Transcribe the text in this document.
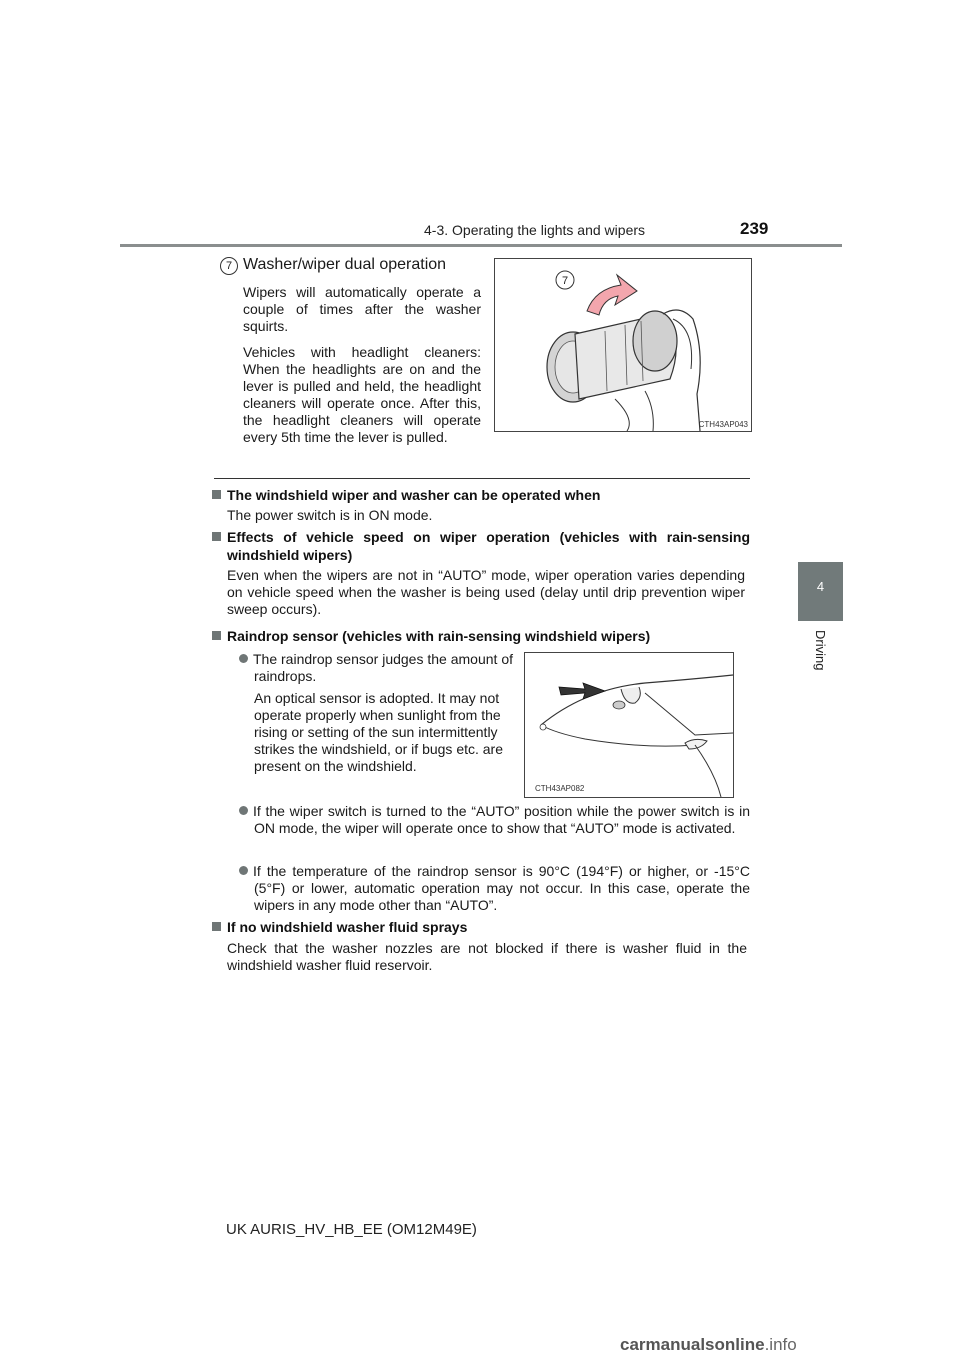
4-3. Operating the lights and wipers	239
4
Driving
7 Washer/wiper dual operation
Wipers will automatically operate a couple of times after the washer squirts.
Vehicles with headlight cleaners: When the headlights are on and the lever is pulled and held, the headlight cleaners will operate once. After this, the headlight cleaners will operate every 5th time the lever is pulled.
7
CTH43AP043
The windshield wiper and washer can be operated when
The power switch is in ON mode.
Effects of vehicle speed on wiper operation (vehicles with rain-sensing windshield wipers)
Even when the wipers are not in “AUTO” mode, wiper operation varies depending on vehicle speed when the washer is being used (delay until drip prevention wiper sweep occurs).
Raindrop sensor (vehicles with rain-sensing windshield wipers)
The raindrop sensor judges the amount of raindrops.
An optical sensor is adopted. It may not operate properly when sunlight from the rising or setting of the sun intermittently strikes the windshield, or if bugs etc. are present on the windshield.
CTH43AP082
If the wiper switch is turned to the “AUTO” position while the power switch is in ON mode, the wiper will operate once to show that “AUTO” mode is activated.
If the temperature of the raindrop sensor is 90°C (194°F) or higher, or -15°C (5°F) or lower, automatic operation may not occur. In this case, operate the wipers in any mode other than “AUTO”.
If no windshield washer fluid sprays
Check that the washer nozzles are not blocked if there is washer fluid in the windshield washer fluid reservoir.
UK AURIS_HV_HB_EE (OM12M49E)
carmanualsonline.info
